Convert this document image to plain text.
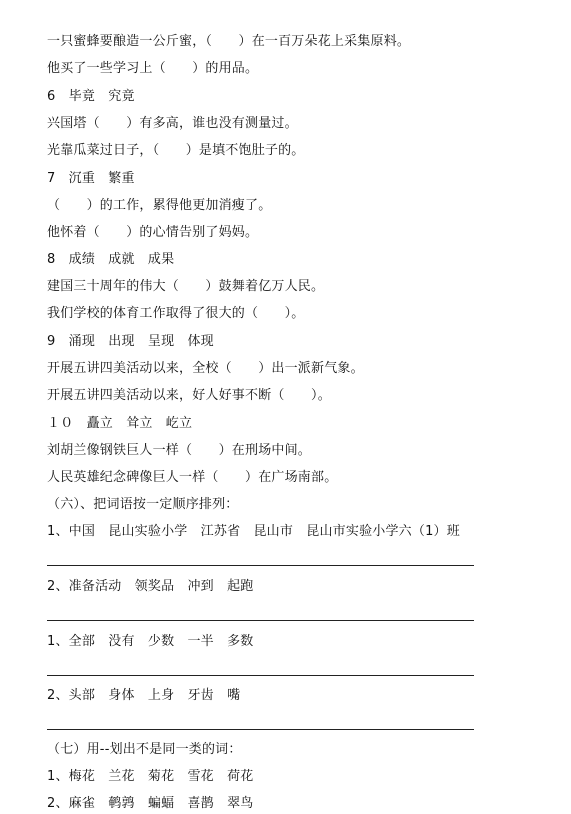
一只蜜蜂要酿造一公斤蜜，（　　）在一百万朵花上采集原料。
他买了一些学习上（　　）的用品。
6　毕竟　究竟
兴国塔（　　）有多高，谁也没有测量过。
光靠瓜菜过日子，（　　）是填不饱肚子的。
7　沉重　繁重
（　　）的工作，累得他更加消瘦了。
他怀着（　　）的心情告别了妈妈。
8　成绩　成就　成果
建国三十周年的伟大（　　）鼓舞着亿万人民。
我们学校的体育工作取得了很大的（　　）。
9　涌现　出现　呈现　体现
开展五讲四美活动以来，全校（　　）出一派新气象。
开展五讲四美活动以来，好人好事不断（　　）。
１０　矗立　耸立　屹立
刘胡兰像钢铁巨人一样（　　）在刑场中间。
人民英雄纪念碑像巨人一样（　　）在广场南部。
（六）、把词语按一定顺序排列：
1、中国　昆山实验小学　江苏省　昆山市　昆山市实验小学六（1）班
2、准备活动　领奖品　冲到　起跑
1、全部　没有　少数　一半　多数
2、头部　身体　上身　牙齿　嘴
（七）用--划出不是同一类的词：
1、梅花　兰花　菊花　雪花　荷花
2、麻雀　鹌鹑　蝙蝠　喜鹊　翠鸟
